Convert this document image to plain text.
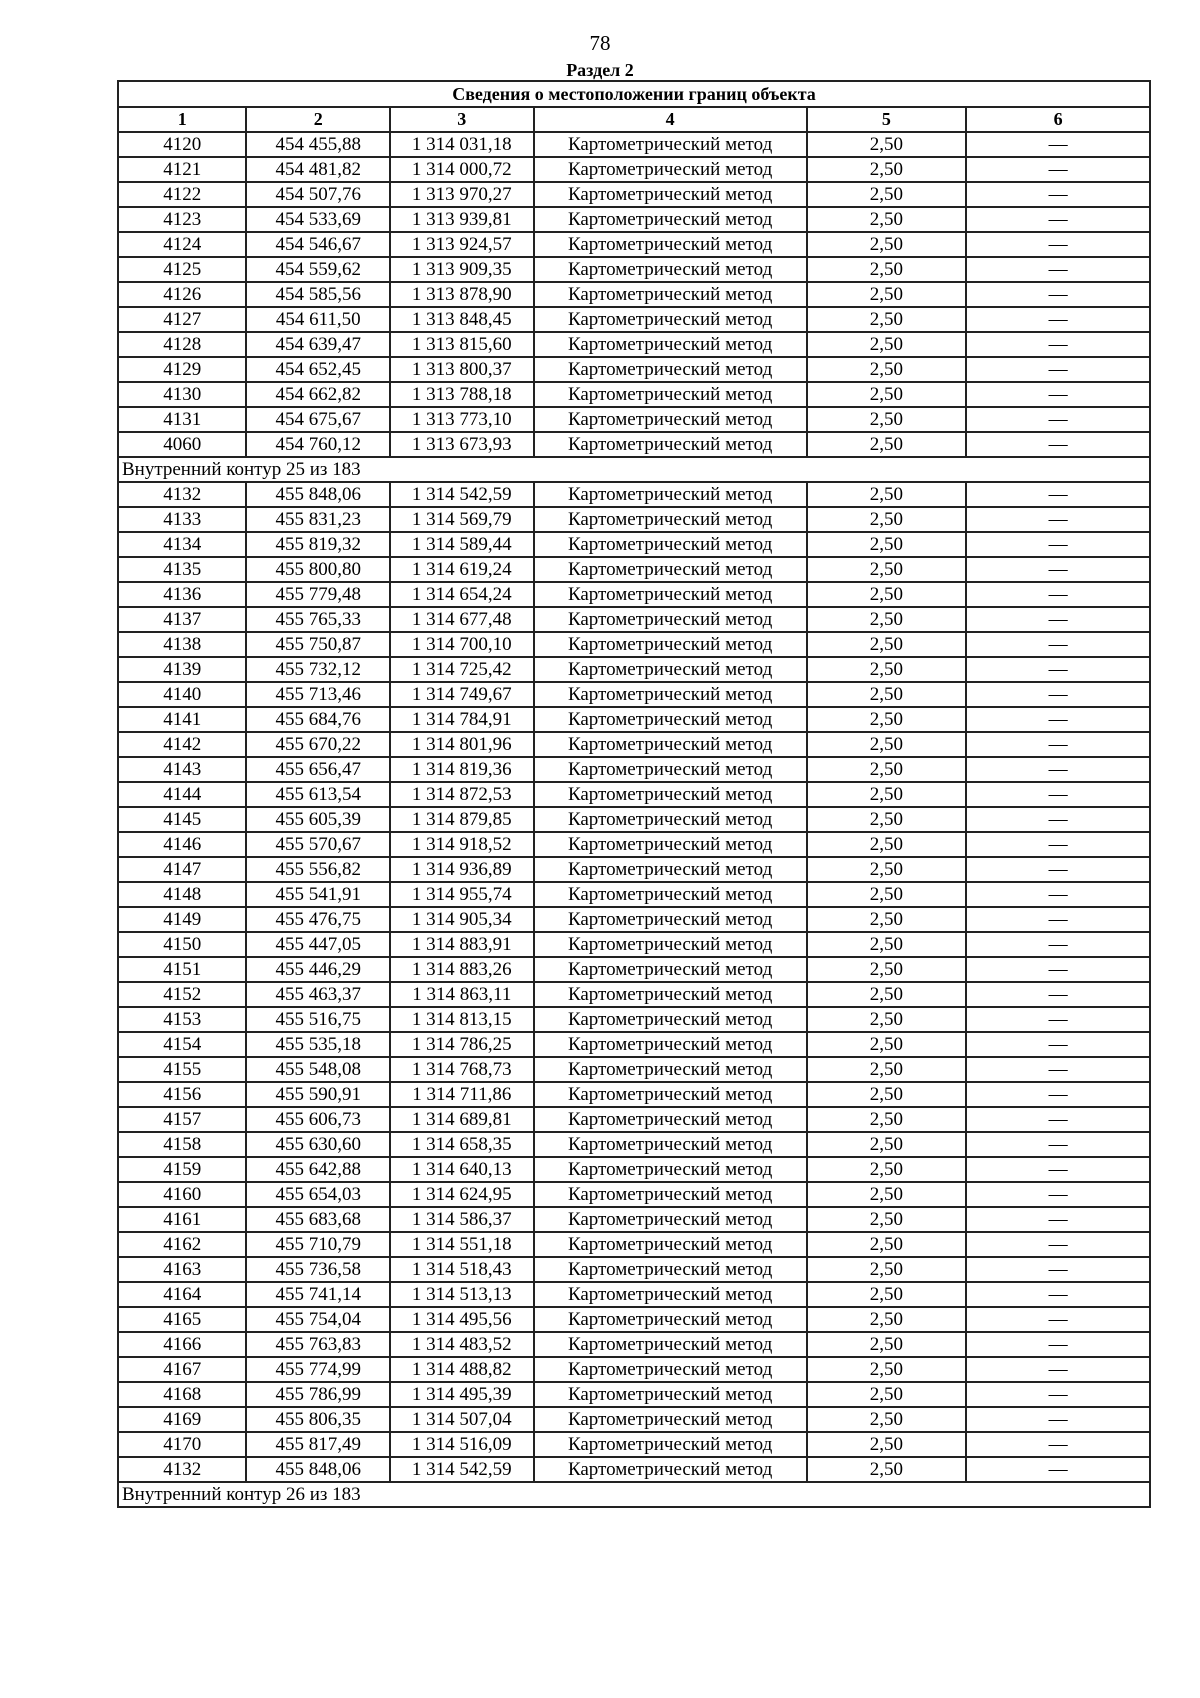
78
Раздел 2
Сведения о местоположении границ объекта					
1	2	3	4	5	6
4120	454 455,88	1 314 031,18	Картометрический метод	2,50	—
4121	454 481,82	1 314 000,72	Картометрический метод	2,50	—
4122	454 507,76	1 313 970,27	Картометрический метод	2,50	—
4123	454 533,69	1 313 939,81	Картометрический метод	2,50	—
4124	454 546,67	1 313 924,57	Картометрический метод	2,50	—
4125	454 559,62	1 313 909,35	Картометрический метод	2,50	—
4126	454 585,56	1 313 878,90	Картометрический метод	2,50	—
4127	454 611,50	1 313 848,45	Картометрический метод	2,50	—
4128	454 639,47	1 313 815,60	Картометрический метод	2,50	—
4129	454 652,45	1 313 800,37	Картометрический метод	2,50	—
4130	454 662,82	1 313 788,18	Картометрический метод	2,50	—
4131	454 675,67	1 313 773,10	Картометрический метод	2,50	—
4060	454 760,12	1 313 673,93	Картометрический метод	2,50	—
Внутренний контур 25 из 183					
4132	455 848,06	1 314 542,59	Картометрический метод	2,50	—
4133	455 831,23	1 314 569,79	Картометрический метод	2,50	—
4134	455 819,32	1 314 589,44	Картометрический метод	2,50	—
4135	455 800,80	1 314 619,24	Картометрический метод	2,50	—
4136	455 779,48	1 314 654,24	Картометрический метод	2,50	—
4137	455 765,33	1 314 677,48	Картометрический метод	2,50	—
4138	455 750,87	1 314 700,10	Картометрический метод	2,50	—
4139	455 732,12	1 314 725,42	Картометрический метод	2,50	—
4140	455 713,46	1 314 749,67	Картометрический метод	2,50	—
4141	455 684,76	1 314 784,91	Картометрический метод	2,50	—
4142	455 670,22	1 314 801,96	Картометрический метод	2,50	—
4143	455 656,47	1 314 819,36	Картометрический метод	2,50	—
4144	455 613,54	1 314 872,53	Картометрический метод	2,50	—
4145	455 605,39	1 314 879,85	Картометрический метод	2,50	—
4146	455 570,67	1 314 918,52	Картометрический метод	2,50	—
4147	455 556,82	1 314 936,89	Картометрический метод	2,50	—
4148	455 541,91	1 314 955,74	Картометрический метод	2,50	—
4149	455 476,75	1 314 905,34	Картометрический метод	2,50	—
4150	455 447,05	1 314 883,91	Картометрический метод	2,50	—
4151	455 446,29	1 314 883,26	Картометрический метод	2,50	—
4152	455 463,37	1 314 863,11	Картометрический метод	2,50	—
4153	455 516,75	1 314 813,15	Картометрический метод	2,50	—
4154	455 535,18	1 314 786,25	Картометрический метод	2,50	—
4155	455 548,08	1 314 768,73	Картометрический метод	2,50	—
4156	455 590,91	1 314 711,86	Картометрический метод	2,50	—
4157	455 606,73	1 314 689,81	Картометрический метод	2,50	—
4158	455 630,60	1 314 658,35	Картометрический метод	2,50	—
4159	455 642,88	1 314 640,13	Картометрический метод	2,50	—
4160	455 654,03	1 314 624,95	Картометрический метод	2,50	—
4161	455 683,68	1 314 586,37	Картометрический метод	2,50	—
4162	455 710,79	1 314 551,18	Картометрический метод	2,50	—
4163	455 736,58	1 314 518,43	Картометрический метод	2,50	—
4164	455 741,14	1 314 513,13	Картометрический метод	2,50	—
4165	455 754,04	1 314 495,56	Картометрический метод	2,50	—
4166	455 763,83	1 314 483,52	Картометрический метод	2,50	—
4167	455 774,99	1 314 488,82	Картометрический метод	2,50	—
4168	455 786,99	1 314 495,39	Картометрический метод	2,50	—
4169	455 806,35	1 314 507,04	Картометрический метод	2,50	—
4170	455 817,49	1 314 516,09	Картометрический метод	2,50	—
4132	455 848,06	1 314 542,59	Картометрический метод	2,50	—
Внутренний контур 26 из 183					
